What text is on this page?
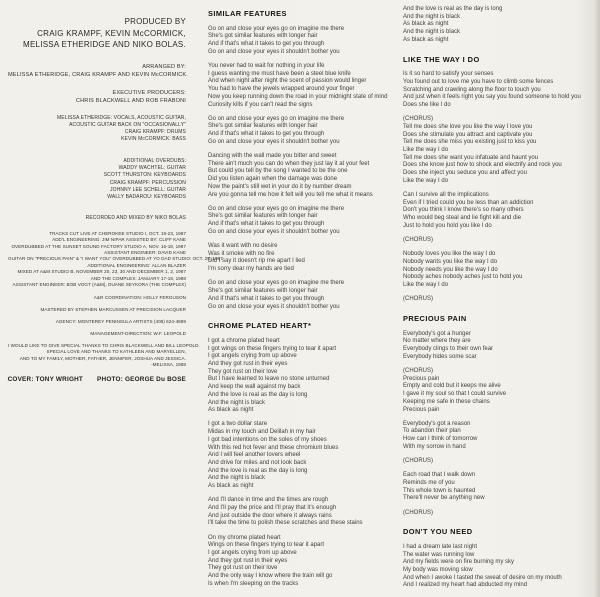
PRODUCED BY
CRAIG KRAMPF, KEVIN McCORMICK,
MELISSA ETHERIDGE AND NIKO BOLAS.
ARRANGED BY:
MELISSA ETHERIDGE, CRAIG KRAMPF AND KEVIN McCORMICK.
EXECUTIVE PRODUCERS:
CHRIS BLACKWELL AND ROB FRABONI
MELISSA ETHERIDGE: VOCALS, ACOUSTIC GUITAR,
ACOUSTIC GUITAR BACK ON "OCCASIONALLY"
CRAIG KRAMPF: DRUMS
KEVIN McCORMICK: BASS
ADDITIONAL OVERDUBS:
WADDY WACHTEL: GUITAR
SCOTT THURSTON: KEYBOARDS
CRAIG KRAMPF: PERCUSSION
JOHNNY LEE SCHELL: GUITAR
WALLY BADAROU: KEYBOARDS
RECORDED AND MIXED BY NIKO BOLAS
TRACKS CUT LIVE AT CHEROKEE STUDIO I, OCT. 19-23, 1987
ADD'L ENGINEERING: JIM NIPAR ASSISTED BY: CLIFF KANE
OVERDUBBED AT THE SUNSET SOUND FACTORY STUDIO A, NOV. 16-18, 1987
ASSISTANT ENGINEER: DAVID KANE
GUITAR ON "PRECIOUS PAIN" & "I WANT YOU" OVERDUBBED AT YO DAD STUDIO: OCT. 25, 1987
ADDITIONAL ENGINEERING: ALLAN BLAZER
MIXED AT A&M STUDIO B, NOVEMBER 20, 23, 30 AND DECEMBER 1, 2, 1987
AND THE COMPLEX: JANUARY 17-18, 1988
ASSISTANT ENGINEER: BOB VOGT (A&M), DUANE SEYKORA (THE COMPLEX)
A&R COORDINATION: HOLLY FERGUSON
MASTERED BY STEPHEN MARCUSSEN AT PRECISION LACQUER
AGENCY: MONTEREY PENINSULA ARTISTS (408) 624-4889
MANAGEMENT-DIRECTION: W.F. LEOPOLD
I WOULD LIKE TO GIVE SPECIAL THANKS TO CHRIS BLACKWELL AND BILL LEOPOLD.
SPECIAL LOVE AND THANKS TO KATHLEEN AND MARYELLEN,
AND TO MY FAMILY, MOTHER, FATHER, JENNIFER, JOSHUA AND JESSICA.
-MELISSA, 1988
COVER: TONY WRIGHT PHOTO: GEORGE Du BOSE
SIMILAR FEATURES
Go on and close your eyes go on imagine me there
She's got similar features with longer hair
And if that's what it takes to get you through
Go on and close your eyes it shouldn't bother you
You never had to wait for nothing in your life
I guess wanting me must have been a steel blue knife
And when night after night the scent of passion would linger
You had to have the jewels wrapped around your finger
Now you keep running down the road in your midnight state of mind
Curiosity kills if you can't read the signs
Go on and close your eyes go on imagine me there
She's got similar features with longer hair
And if that's what it takes to get you through
Go on and close your eyes it shouldn't bother you
Dancing with the wall made you bitter and sweet
There ain't much you can do when they just lay it at your feet
But could you tell by the song I wanted to be the one
Did you listen again when the damage was done
Now the paint's still wet in your do it by number dream
Are you gonna tell me how it felt will you tell me what it means
Go on and close your eyes go on imagine me there
She's got similar features with longer hair
And if that's what it takes to get you through
Go on and close your eyes it shouldn't bother you
Was it want with no desire
Was it smoke with no fire
Did I say it doesn't rip me apart I lied
I'm sorry dear my hands are tied
Go on and close your eyes go on imagine me there
She's got similar features with longer hair
And if that's what it takes to get you through
Go on and close your eyes it shouldn't bother you
CHROME PLATED HEART*
I got a chrome plated heart
I got wings on these fingers trying to tear it apart
I got angels crying from up above
And they got rust in their eyes
They got rust on their love
But I have learned to leave no stone unturned
And keep the wall against my back
And the love is real as the day is long
And the night is black
As black as night
I got a two dollar stare
Midas in my touch and Delilah in my hair
I got bad intentions on the soles of my shoes
With this red hot fever and these chromium blues
And I will feel another lovers wheel
And drive for miles and not look back
And the love is real as the day is long
And the night is black
As black as night
And I'll dance in time and the times are rough
And I'll pay the price and I'll pray that it's enough
And just outside the door where it always rains
I'll take the time to polish these scratches and these stains
On my chrome plated heart
Wings on these fingers trying to tear it apart
I got angels crying from up above
And they got rust in their eyes
They got rust on their love
And the only way I know where the train will go
Is when I'm sleeping on the tracks
And the love is real as the day is long
And the night is black
As black as night
And the night is black
As black as night
LIKE THE WAY I DO
Is it so hard to satisfy your senses
You found out to love me you have to climb some fences
Scratching and crawling along the floor to touch you
And just when it feels right you say you found someone to hold you
Does she like I do
(CHORUS)
Tell me does she love you like the way I love you
Does she stimulate you attract and captivate you
Tell me does she miss you existing just to kiss you
Like the way I do
Tell me does she want you infatuate and haunt you
Does she know just how to shock and electrify and rock you
Does she inject you seduce you and affect you
Like the way I do
Can I survive all the implications
Even if I tried could you be less than an addiction
Don't you think I know there's so many others
Who would beg steal and lie fight kill and die
Just to hold you hold you like I do
(CHORUS)
Nobody loves you like the way I do
Nobody wants you like the way I do
Nobody needs you like the way I do
Nobody aches nobody aches just to hold you
Like the way I do
(CHORUS)
PRECIOUS PAIN
Everybody's got a hunger
No matter where they are
Everybody clings to their own fear
Everybody hides some scar
(CHORUS)
Precious pain
Empty and cold but it keeps me alive
I gave it my soul so that I could survive
Keeping me safe in these chains
Precious pain
Everybody's got a reason
To abandon their plan
How can I think of tomorrow
With my sorrow in hand
(CHORUS)
Each road that I walk down
Reminds me of you
This whole town is haunted
There'll never be anything new
(CHORUS)
DON'T YOU NEED
I had a dream late last night
The water was running low
And my fields were on fire burning my sky
My body was moving slow
And when I awoke I tasted the sweat of desire on my mouth
And I realized my heart had abducted my mind
